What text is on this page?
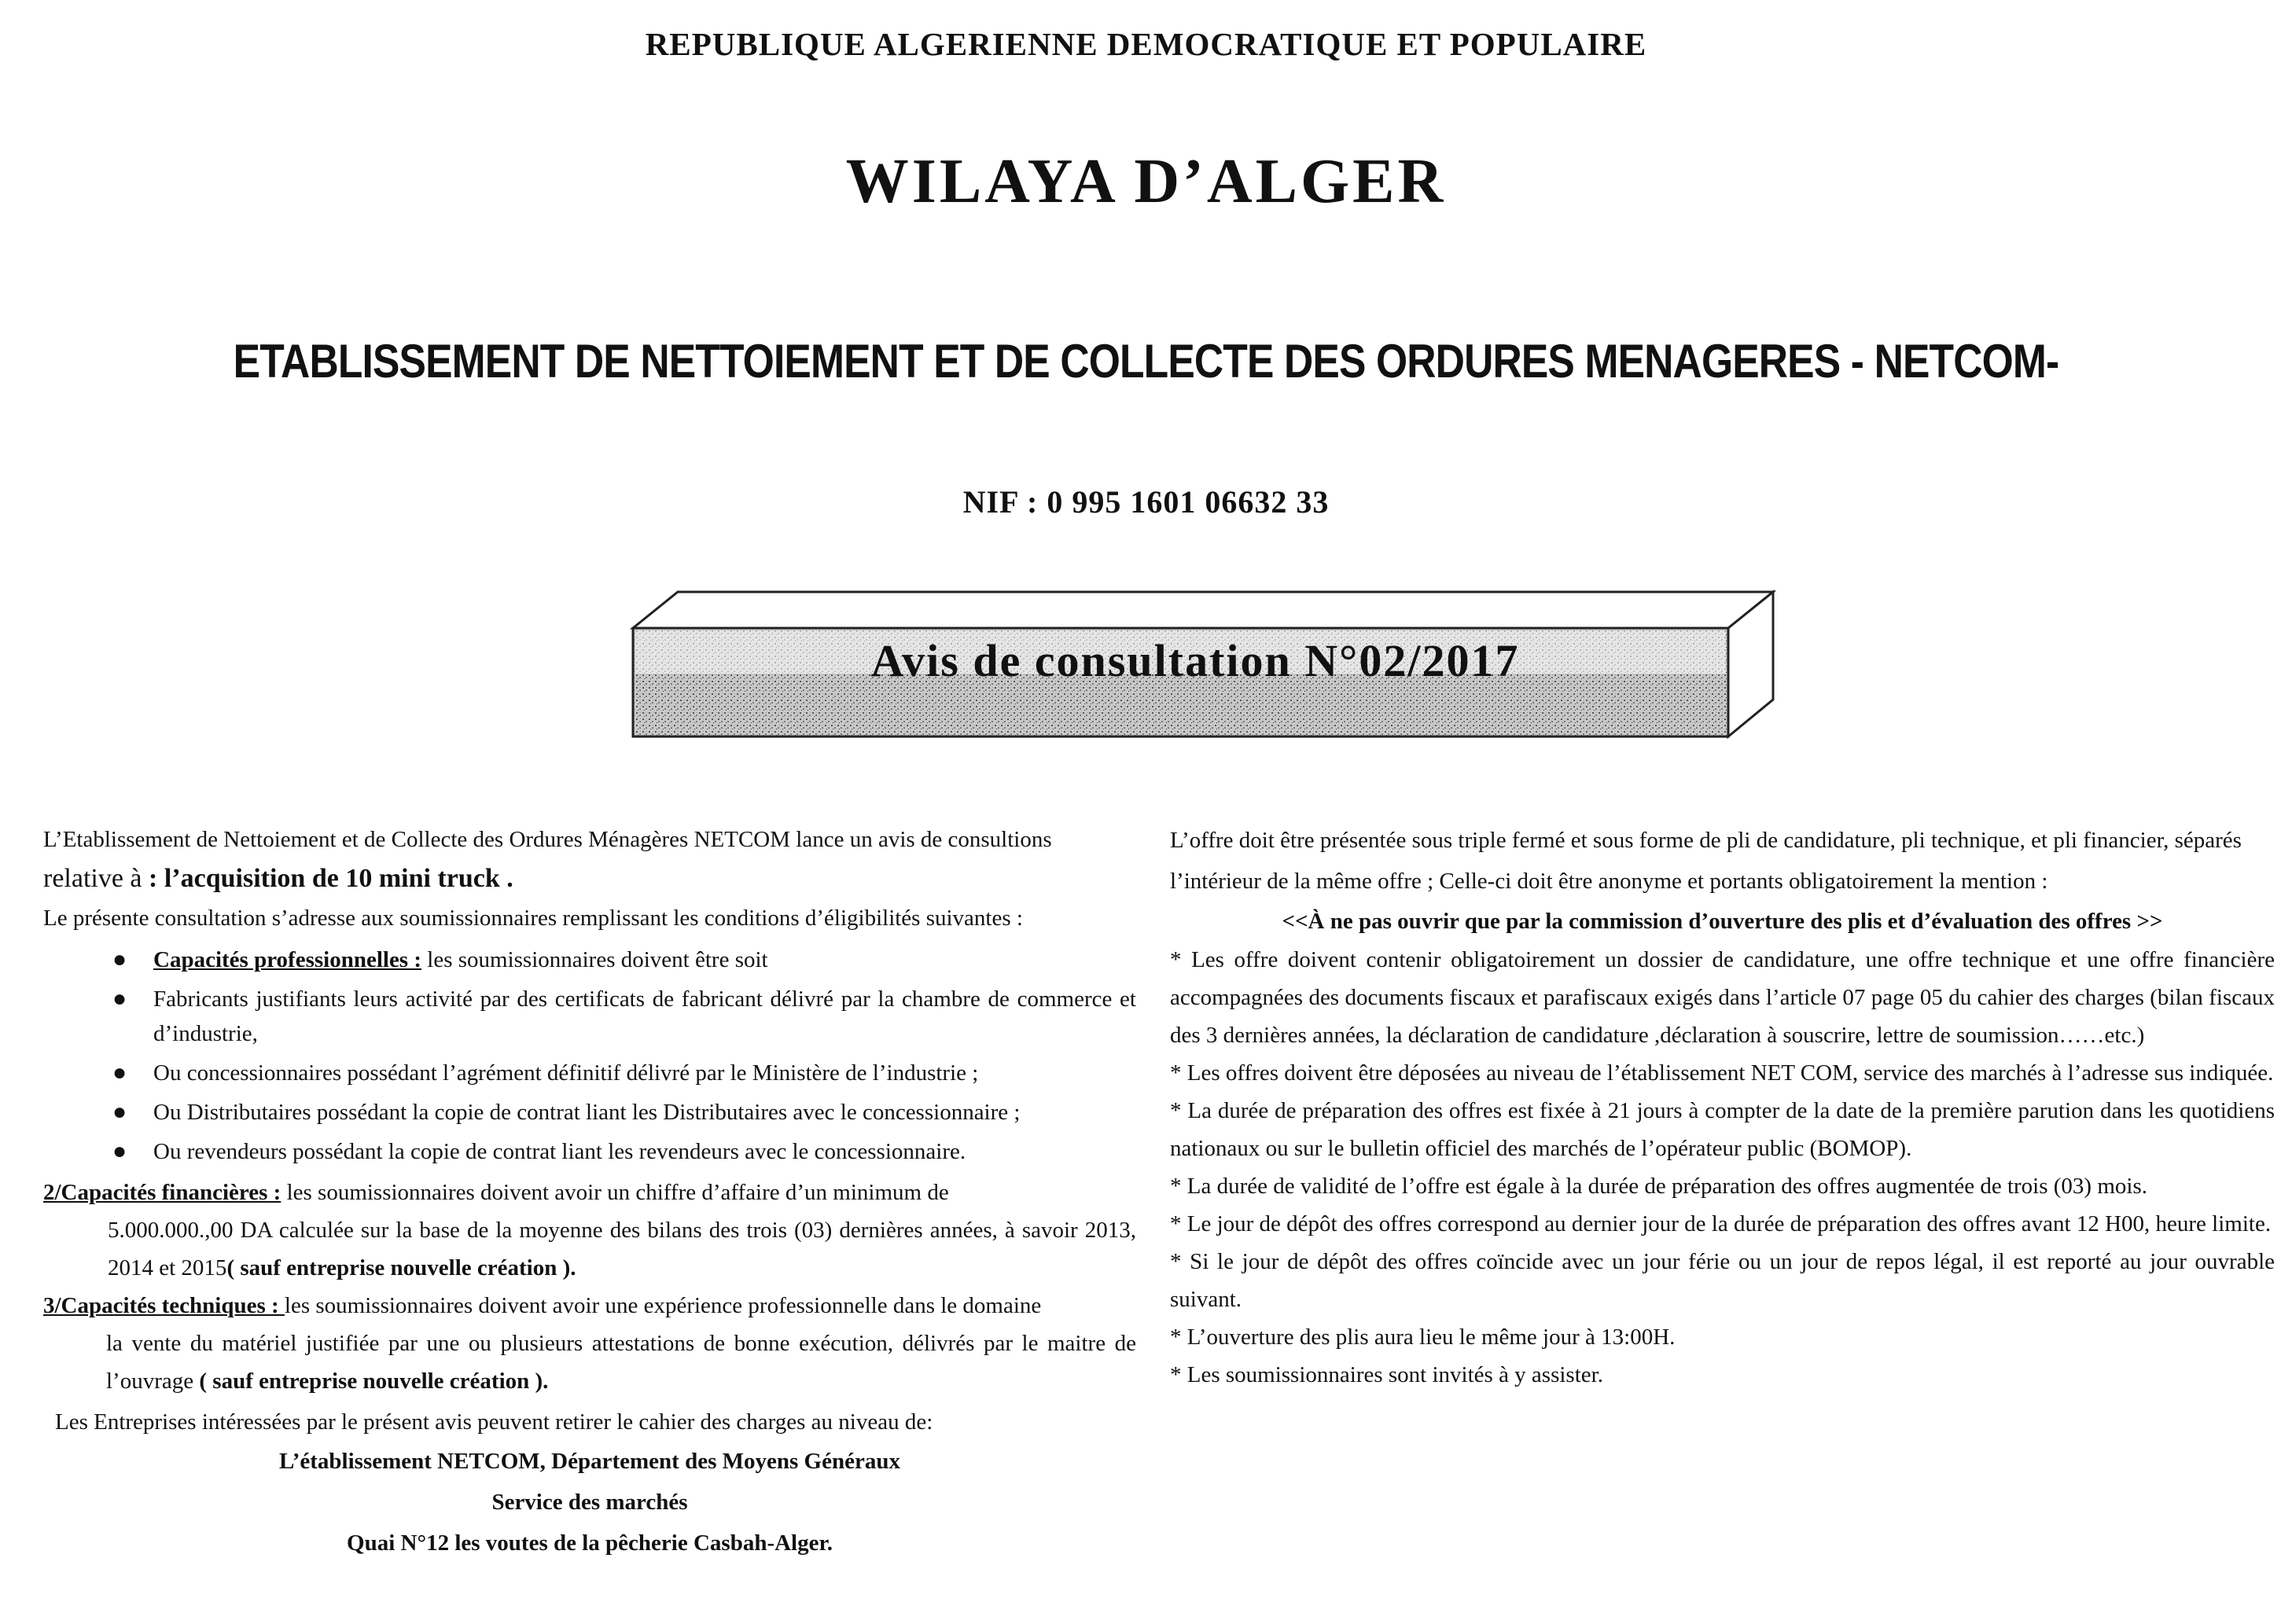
REPUBLIQUE ALGERIENNE DEMOCRATIQUE ET POPULAIRE
WILAYA D’ALGER
ETABLISSEMENT DE NETTOIEMENT ET DE COLLECTE DES ORDURES MENAGERES - NETCOM-
NIF : 0 995 1601 06632 33
Avis de consultation N°02/2017

L’Etablissement de Nettoiement et de Collecte des Ordures Ménagères NETCOM lance un avis de consultions

relative à : l’acquisition de 10 mini truck .

Le présente consultation s’adresse aux soumissionnaires remplissant les conditions d’éligibilités suivantes :

● Capacités professionnelles : les soumissionnaires doivent être soit
● Fabricants justifiants leurs activité par des certificats de fabricant délivré par la chambre de commerce et d’industrie,
● Ou concessionnaires possédant l’agrément définitif délivré par le Ministère de l’industrie ;
● Ou Distributaires possédant la copie de contrat liant les Distributaires avec le concessionnaire ;
● Ou revendeurs possédant la copie de contrat liant les revendeurs avec le concessionnaire.

2/Capacités financières : les soumissionnaires doivent avoir un chiffre d’affaire d’un minimum de

5.000.000.,00 DA calculée sur la base de la moyenne des bilans des trois (03) dernières années, à savoir 2013, 2014 et 2015( sauf entreprise nouvelle création ).

3/Capacités techniques : les soumissionnaires doivent avoir une expérience professionnelle dans le domaine

la vente du matériel justifiée par une ou plusieurs attestations de bonne exécution, délivrés par le maitre de l’ouvrage ( sauf entreprise nouvelle création ).

Les Entreprises intéressées par le présent avis peuvent retirer le cahier des charges au niveau de:

L’établissement NETCOM, Département des Moyens Généraux
Service des marchés
Quai N°12 les voutes de la pêcherie Casbah-Alger.

L’offre doit être présentée sous triple fermé et sous forme de pli de candidature, pli technique, et pli financier, séparés

l’intérieur de la même offre ; Celle-ci doit être anonyme et portants obligatoirement la mention :

<<À ne pas ouvrir que par la commission d’ouverture des plis et d’évaluation des offres >>

* Les offre doivent contenir obligatoirement un dossier de candidature, une offre technique et une offre financière accompagnées des documents fiscaux et parafiscaux exigés dans l’article 07 page 05 du cahier des charges (bilan fiscaux des 3 dernières années, la déclaration de candidature ,déclaration à souscrire, lettre de soumission……etc.)

* Les offres doivent être déposées au niveau de l’établissement NET COM, service des marchés à l’adresse sus indiquée.

* La durée de préparation des offres est fixée à 21 jours à compter de la date de la première parution dans les quotidiens nationaux ou sur le bulletin officiel des marchés de l’opérateur public (BOMOP).

* La durée de validité de l’offre est égale à la durée de préparation des offres augmentée de trois (03) mois.

* Le jour de dépôt des offres correspond au dernier jour de la durée de préparation des offres avant 12 H00, heure limite.

* Si le jour de dépôt des offres coïncide avec un jour férie ou un jour de repos légal, il est reporté au jour ouvrable suivant.

* L’ouverture des plis aura lieu le même jour à 13:00H.

* Les soumissionnaires sont invités à y assister.
